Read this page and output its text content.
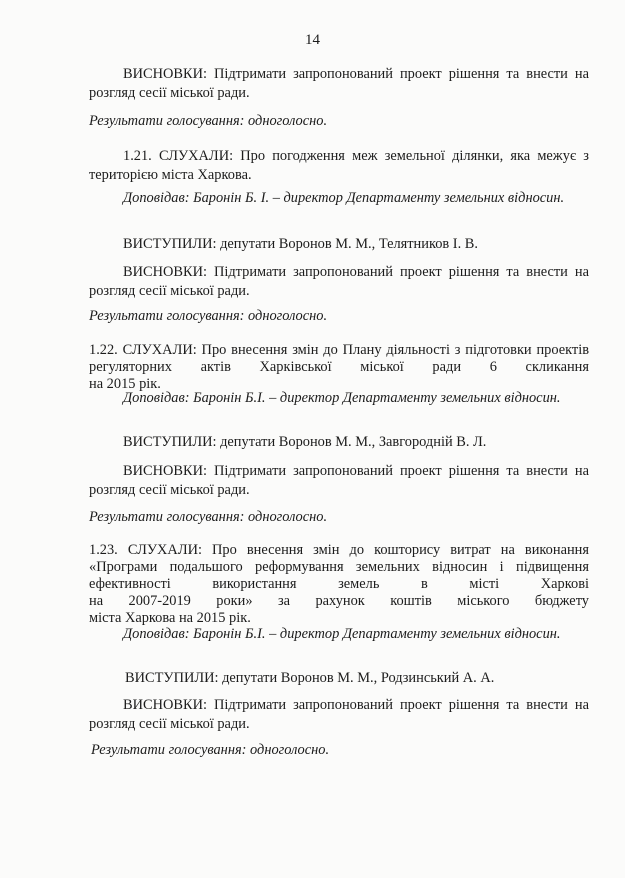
14
ВИСНОВКИ: Підтримати запропонований проект рішення та внести на
розгляд сесії міської ради.
Результати голосування: одноголосно.
1.21. СЛУХАЛИ: Про погодження меж земельної ділянки, яка межує з
територією міста Харкова.
Доповідав: Баронін Б. І. – директор Департаменту земельних відносин.
ВИСТУПИЛИ: депутати Воронов М. М., Телятников І. В.
ВИСНОВКИ: Підтримати запропонований проект рішення та внести на
розгляд сесії міської ради.
Результати голосування: одноголосно.
1.22. СЛУХАЛИ: Про внесення змін до Плану діяльності з підготовки проектів
регуляторних актів Харківської міської ради 6 скликання
на 2015 рік.
Доповідав: Баронін Б.І. – директор Департаменту земельних відносин.
ВИСТУПИЛИ: депутати Воронов М. М., Завгородній В. Л.
ВИСНОВКИ: Підтримати запропонований проект рішення та внести на
розгляд сесії міської ради.
Результати голосування: одноголосно.
1.23. СЛУХАЛИ: Про внесення змін до кошторису витрат на виконання
«Програми подальшого реформування земельних відносин і підвищення
ефективності використання земель в місті Харкові
на 2007-2019 роки» за рахунок коштів міського бюджету
міста Харкова на 2015 рік.
Доповідав: Баронін Б.І. – директор Департаменту земельних відносин.
ВИСТУПИЛИ: депутати Воронов М. М., Родзинський А. А.
ВИСНОВКИ: Підтримати запропонований проект рішення та внести на
розгляд сесії міської ради.
Результати голосування: одноголосно.
